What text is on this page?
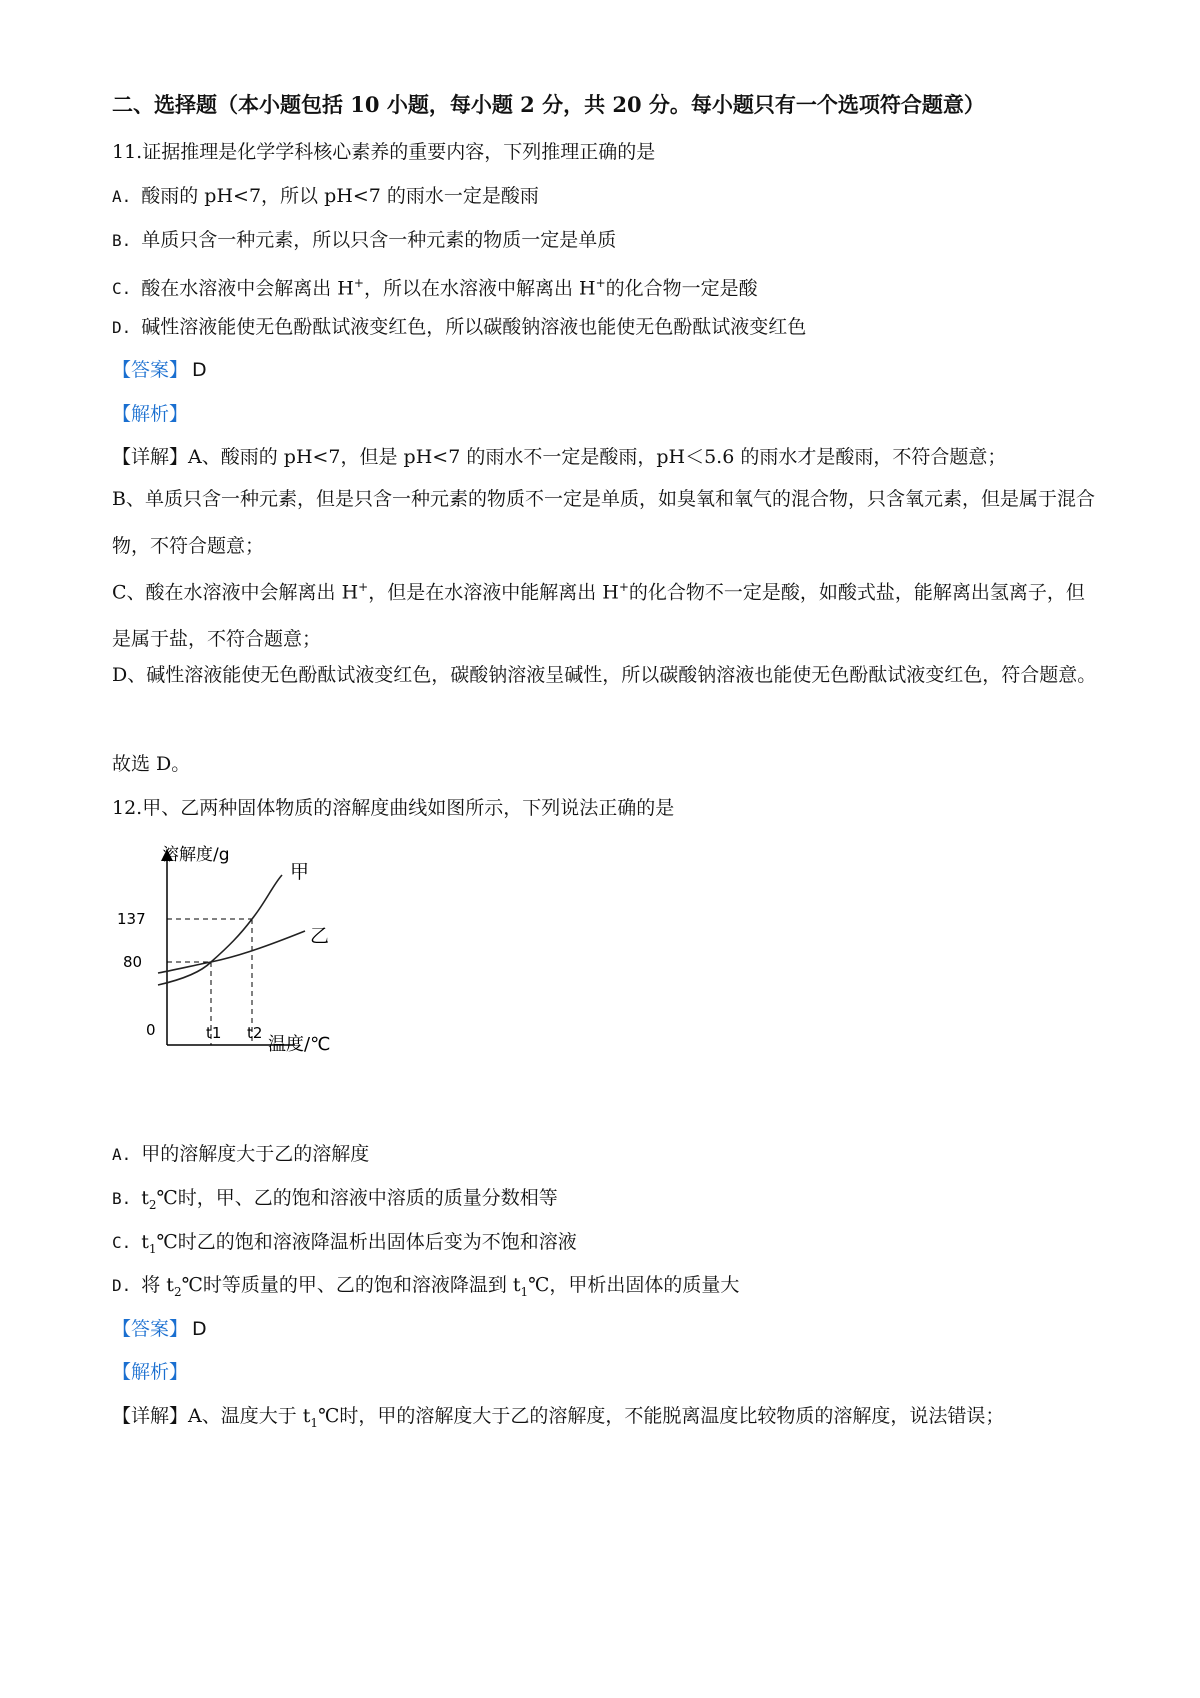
二、选择题（本小题包括 10 小题，每小题 2 分，共 20 分。每小题只有一个选项符合题意）
11.证据推理是化学学科核心素养的重要内容，下列推理正确的是
A. 酸雨的 pH<7，所以 pH<7 的雨水一定是酸雨
B. 单质只含一种元素，所以只含一种元素的物质一定是单质
C. 酸在水溶液中会解离出 H+，所以在水溶液中解离出 H+的化合物一定是酸
D. 碱性溶液能使无色酚酞试液变红色，所以碳酸钠溶液也能使无色酚酞试液变红色
【答案】 D
【解析】
【详解】A、酸雨的 pH<7，但是 pH<7 的雨水不一定是酸雨，pH＜5.6 的雨水才是酸雨，不符合题意；
B、单质只含一种元素，但是只含一种元素的物质不一定是单质，如臭氧和氧气的混合物，只含氧元素，但是属于混合物，不符合题意；
C、酸在水溶液中会解离出 H+，但是在水溶液中能解离出 H+的化合物不一定是酸，如酸式盐，能解离出氢离子，但是属于盐，不符合题意；
D、碱性溶液能使无色酚酞试液变红色，碳酸钠溶液呈碱性，所以碳酸钠溶液也能使无色酚酞试液变红色，符合题意。
故选 D。
12.甲、乙两种固体物质的溶解度曲线如图所示，下列说法正确的是
溶解度/g
137
80
0	t1 t2
温度/℃
甲
乙
A. 甲的溶解度大于乙的溶解度
B. $t_2℃$时，甲、乙的饱和溶液中溶质的质量分数相等
C. $t_1℃$时乙的饱和溶液降温析出固体后变为不饱和溶液
D. 将 $t_2℃$时等质量的甲、乙的饱和溶液降温到 $t_1℃$，甲析出固体的质量大
【答案】 D
【解析】
【详解】A、温度大于 $t_1℃$时，甲的溶解度大于乙的溶解度，不能脱离温度比较物质的溶解度，说法错误；
